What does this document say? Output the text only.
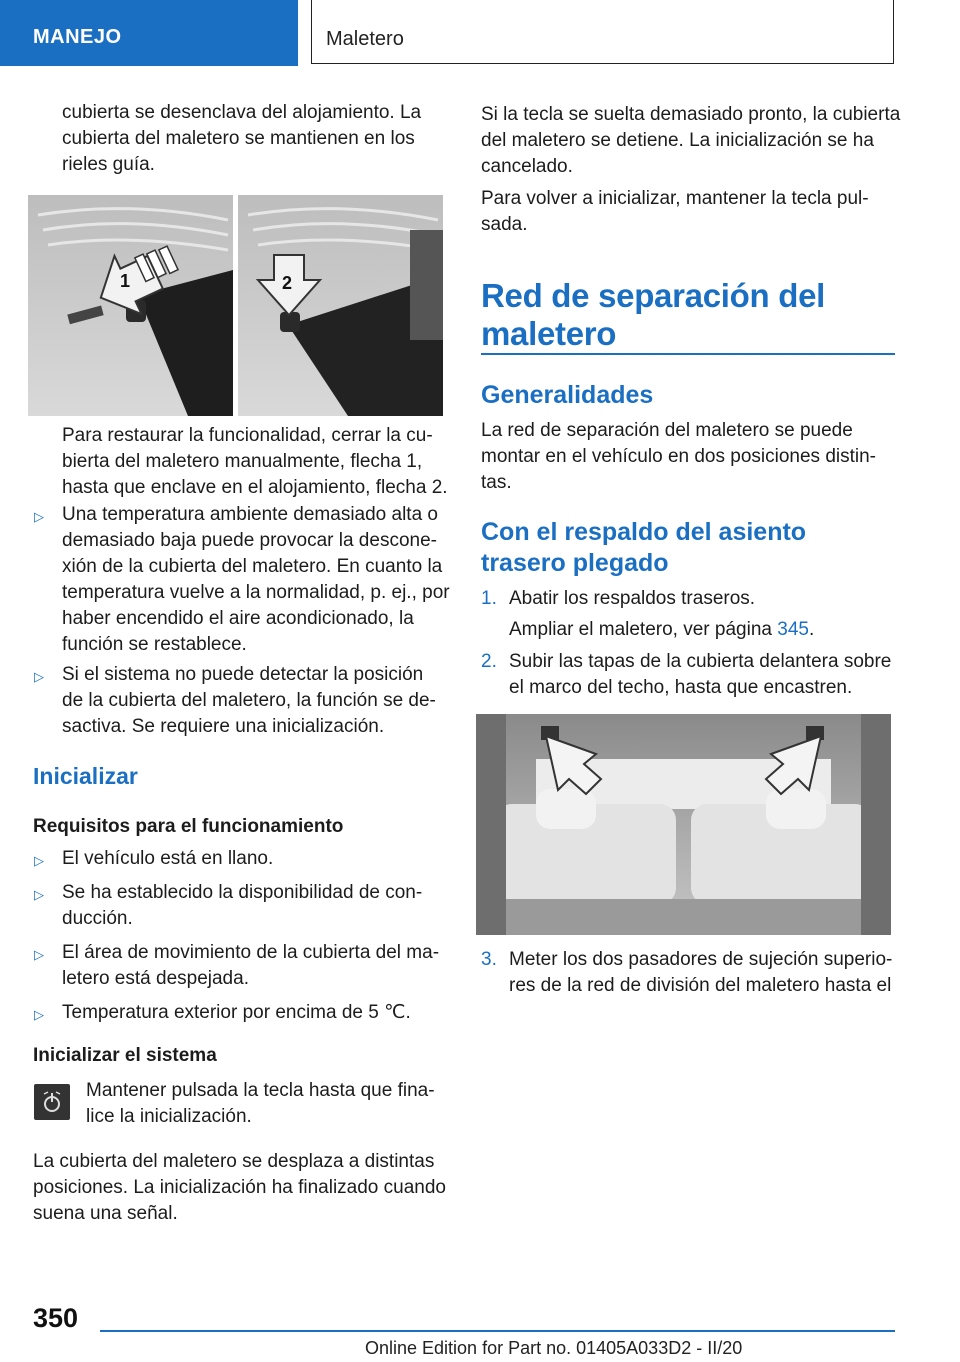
MANEJO	Maletero
cubierta se desenclava del alojamiento. La
cubierta del maletero se mantienen en los
rieles guía.
1	2
Para restaurar la funcionalidad, cerrar la cu-
bierta del maletero manualmente, flecha 1,
hasta que enclave en el alojamiento, flecha 2.
▷ Una temperatura ambiente demasiado alta o
demasiado baja puede provocar la descone-
xión de la cubierta del maletero. En cuanto la
temperatura vuelve a la normalidad, p. ej., por
haber encendido el aire acondicionado, la
función se restablece.
▷ Si el sistema no puede detectar la posición
de la cubierta del maletero, la función se de-
sactiva. Se requiere una inicialización.
Inicializar
Requisitos para el funcionamiento
▷ El vehículo está en llano.
▷ Se ha establecido la disponibilidad de con-
ducción.
▷ El área de movimiento de la cubierta del ma-
letero está despejada.
▷ Temperatura exterior por encima de 5 ℃.
Inicializar el sistema
Mantener pulsada la tecla hasta que fina-
lice la inicialización.
La cubierta del maletero se desplaza a distintas
posiciones. La inicialización ha finalizado cuando
suena una señal.
Si la tecla se suelta demasiado pronto, la cubierta
del maletero se detiene. La inicialización se ha
cancelado.
Para volver a inicializar, mantener la tecla pul-
sada.
Red de separación del
maletero
Generalidades
La red de separación del maletero se puede
montar en el vehículo en dos posiciones distin-
tas.
Con el respaldo del asiento
trasero plegado
1. Abatir los respaldos traseros.
Ampliar el maletero, ver página 345.
2. Subir las tapas de la cubierta delantera sobre
el marco del techo, hasta que encastren.
3. Meter los dos pasadores de sujeción superio-
res de la red de división del maletero hasta el
350
Online Edition for Part no. 01405A033D2 - II/20
